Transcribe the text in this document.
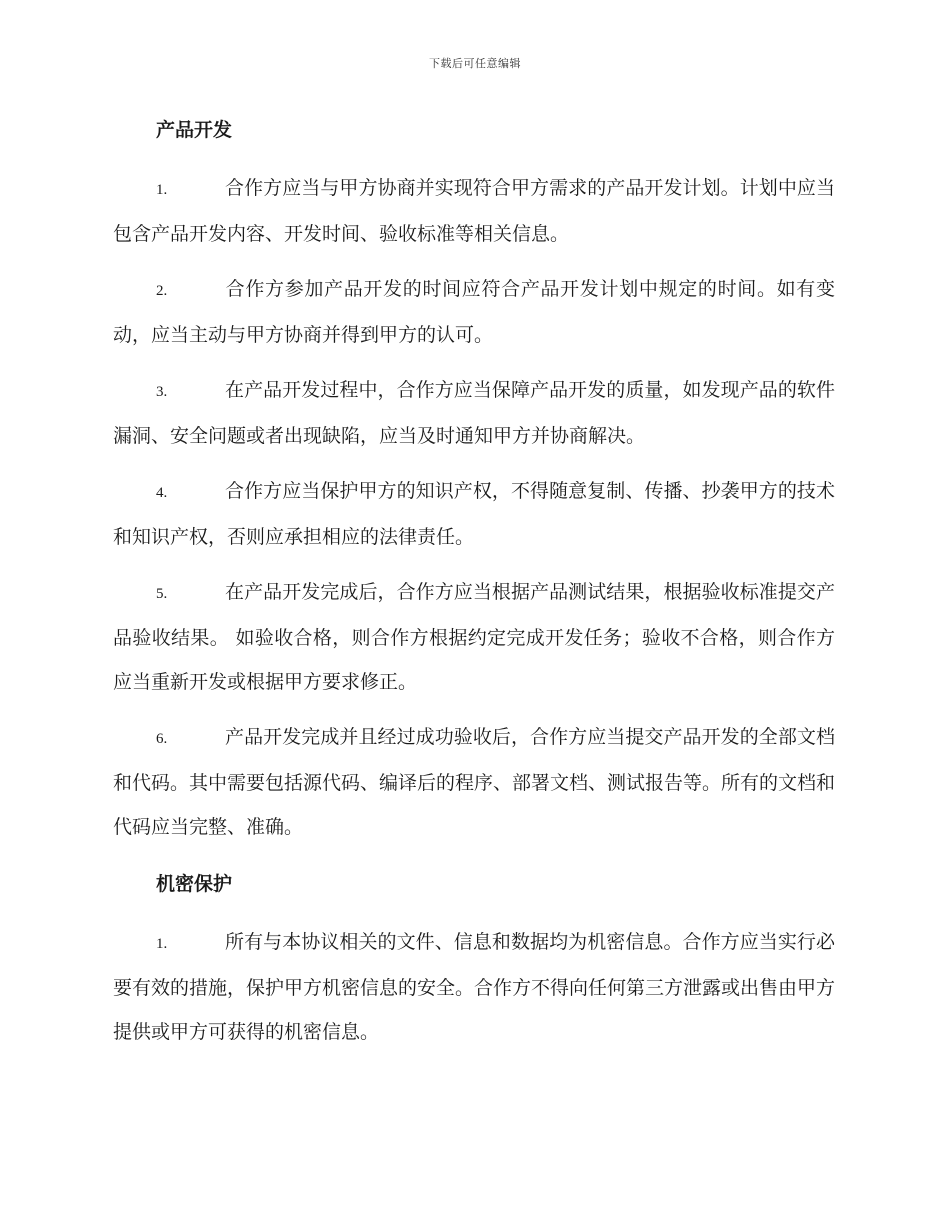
下载后可任意编辑
产品开发

1.	合作方应当与甲方协商并实现符合甲方需求的产品开发计划。计划中应当包含产品开发内容、开发时间、验收标准等相关信息。

2.	合作方参加产品开发的时间应符合产品开发计划中规定的时间。如有变动，应当主动与甲方协商并得到甲方的认可。

3.	在产品开发过程中，合作方应当保障产品开发的质量，如发现产品的软件漏洞、安全问题或者出现缺陷，应当及时通知甲方并协商解决。

4.	合作方应当保护甲方的知识产权，不得随意复制、传播、抄袭甲方的技术和知识产权，否则应承担相应的法律责任。

5.	在产品开发完成后，合作方应当根据产品测试结果，根据验收标准提交产品验收结果。 如验收合格，则合作方根据约定完成开发任务；验收不合格，则合作方应当重新开发或根据甲方要求修正。

6.	产品开发完成并且经过成功验收后，合作方应当提交产品开发的全部文档和代码。其中需要包括源代码、编译后的程序、部署文档、测试报告等。所有的文档和代码应当完整、准确。

机密保护

1.	所有与本协议相关的文件、信息和数据均为机密信息。合作方应当实行必要有效的措施，保护甲方机密信息的安全。合作方不得向任何第三方泄露或出售由甲方提供或甲方可获得的机密信息。
